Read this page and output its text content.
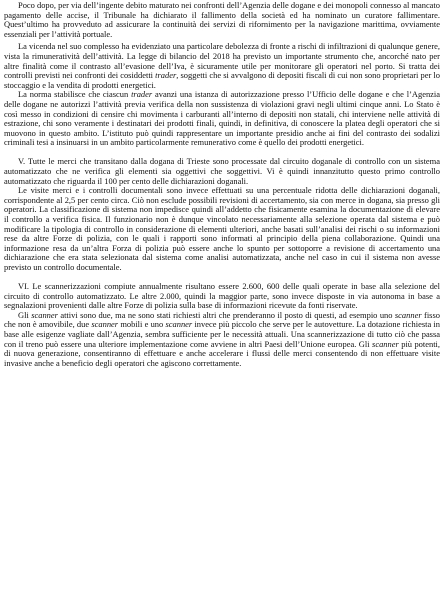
Poco dopo, per via dell’ingente debito maturato nei confronti dell’Agenzia delle dogane e dei monopoli connesso al mancato pagamento delle accise, il Tribunale ha dichiarato il fallimento della società ed ha nominato un curatore fallimentare. Quest’ultimo ha provveduto ad assicurare la continuità dei servizi di rifornimento per la navigazione marittima, ovviamente essenziali per l’attività portuale.

La vicenda nel suo complesso ha evidenziato una particolare debolezza di fronte a rischi di infiltrazioni di qualunque genere, vista la rimuneratività dell’attività. La legge di bilancio del 2018 ha previsto un importante strumento che, ancorché nato per altre finalità come il contrasto all’evasione dell’Iva, è sicuramente utile per monitorare gli operatori nel porto. Si tratta dei controlli previsti nei confronti dei cosiddetti trader, soggetti che si avvalgono di depositi fiscali di cui non sono proprietari per lo stoccaggio e la vendita di prodotti energetici.

La norma stabilisce che ciascun trader avanzi una istanza di autorizzazione presso l’Ufficio delle dogane e che l’Agenzia delle dogane ne autorizzi l’attività previa verifica della non sussistenza di violazioni gravi negli ultimi cinque anni. Lo Stato è così messo in condizioni di censire chi movimenta i carburanti all’interno di depositi non statali, chi interviene nelle attività di estrazione, chi sono veramente i destinatari dei prodotti finali, quindi, in definitiva, di conoscere la platea degli operatori che si muovono in questo ambito. L’istituto può quindi rappresentare un importante presidio anche ai fini del contrasto dei sodalizi criminali tesi a insinuarsi in un ambito particolarmente remunerativo come è quello dei prodotti energetici.

V. Tutte le merci che transitano dalla dogana di Trieste sono processate dal circuito doganale di controllo con un sistema automatizzato che ne verifica gli elementi sia oggettivi che soggettivi. Vi è quindi innanzitutto questo primo controllo automatizzato che riguarda il 100 per cento delle dichiarazioni doganali.

Le visite merci e i controlli documentali sono invece effettuati su una percentuale ridotta delle dichiarazioni doganali, corrispondente al 2,5 per cento circa. Ciò non esclude possibili revisioni di accertamento, sia con merce in dogana, sia presso gli operatori. La classificazione di sistema non impedisce quindi all’addetto che fisicamente esamina la documentazione di elevare il controllo a verifica fisica. Il funzionario non è dunque vincolato necessariamente alla selezione operata dal sistema e può modificare la tipologia di controllo in considerazione di elementi ulteriori, anche basati sull’analisi dei rischi o su informazioni rese da altre Forze di polizia, con le quali i rapporti sono informati al principio della piena collaborazione. Quindi una informazione resa da un’altra Forza di polizia può essere anche lo spunto per sottoporre a revisione di accertamento una dichiarazione che era stata selezionata dal sistema come analisi automatizzata, anche nel caso in cui il sistema non avesse previsto un controllo documentale.

VI. Le scannerizzazioni compiute annualmente risultano essere 2.600, 600 delle quali operate in base alla selezione del circuito di controllo automatizzato. Le altre 2.000, quindi la maggior parte, sono invece disposte in via autonoma in base a segnalazioni provenienti dalle altre Forze di polizia sulla base di informazioni ricevute da fonti riservate.

Gli scanner attivi sono due, ma ne sono stati richiesti altri che prenderanno il posto di questi, ad esempio uno scanner fisso che non è amovibile, due scanner mobili e uno scanner invece più piccolo che serve per le autovetture. La dotazione richiesta in base alle esigenze vagliate dall’Agenzia, sembra sufficiente per le necessità attuali. Una scannerizzazione di tutto ciò che passa con il treno può essere una ulteriore implementazione come avviene in altri Paesi dell’Unione europea. Gli scanner più potenti, di nuova generazione, consentiranno di effettuare e anche accelerare i flussi delle merci consentendo di non effettuare visite invasive anche a beneficio degli operatori che agiscono correttamente.
